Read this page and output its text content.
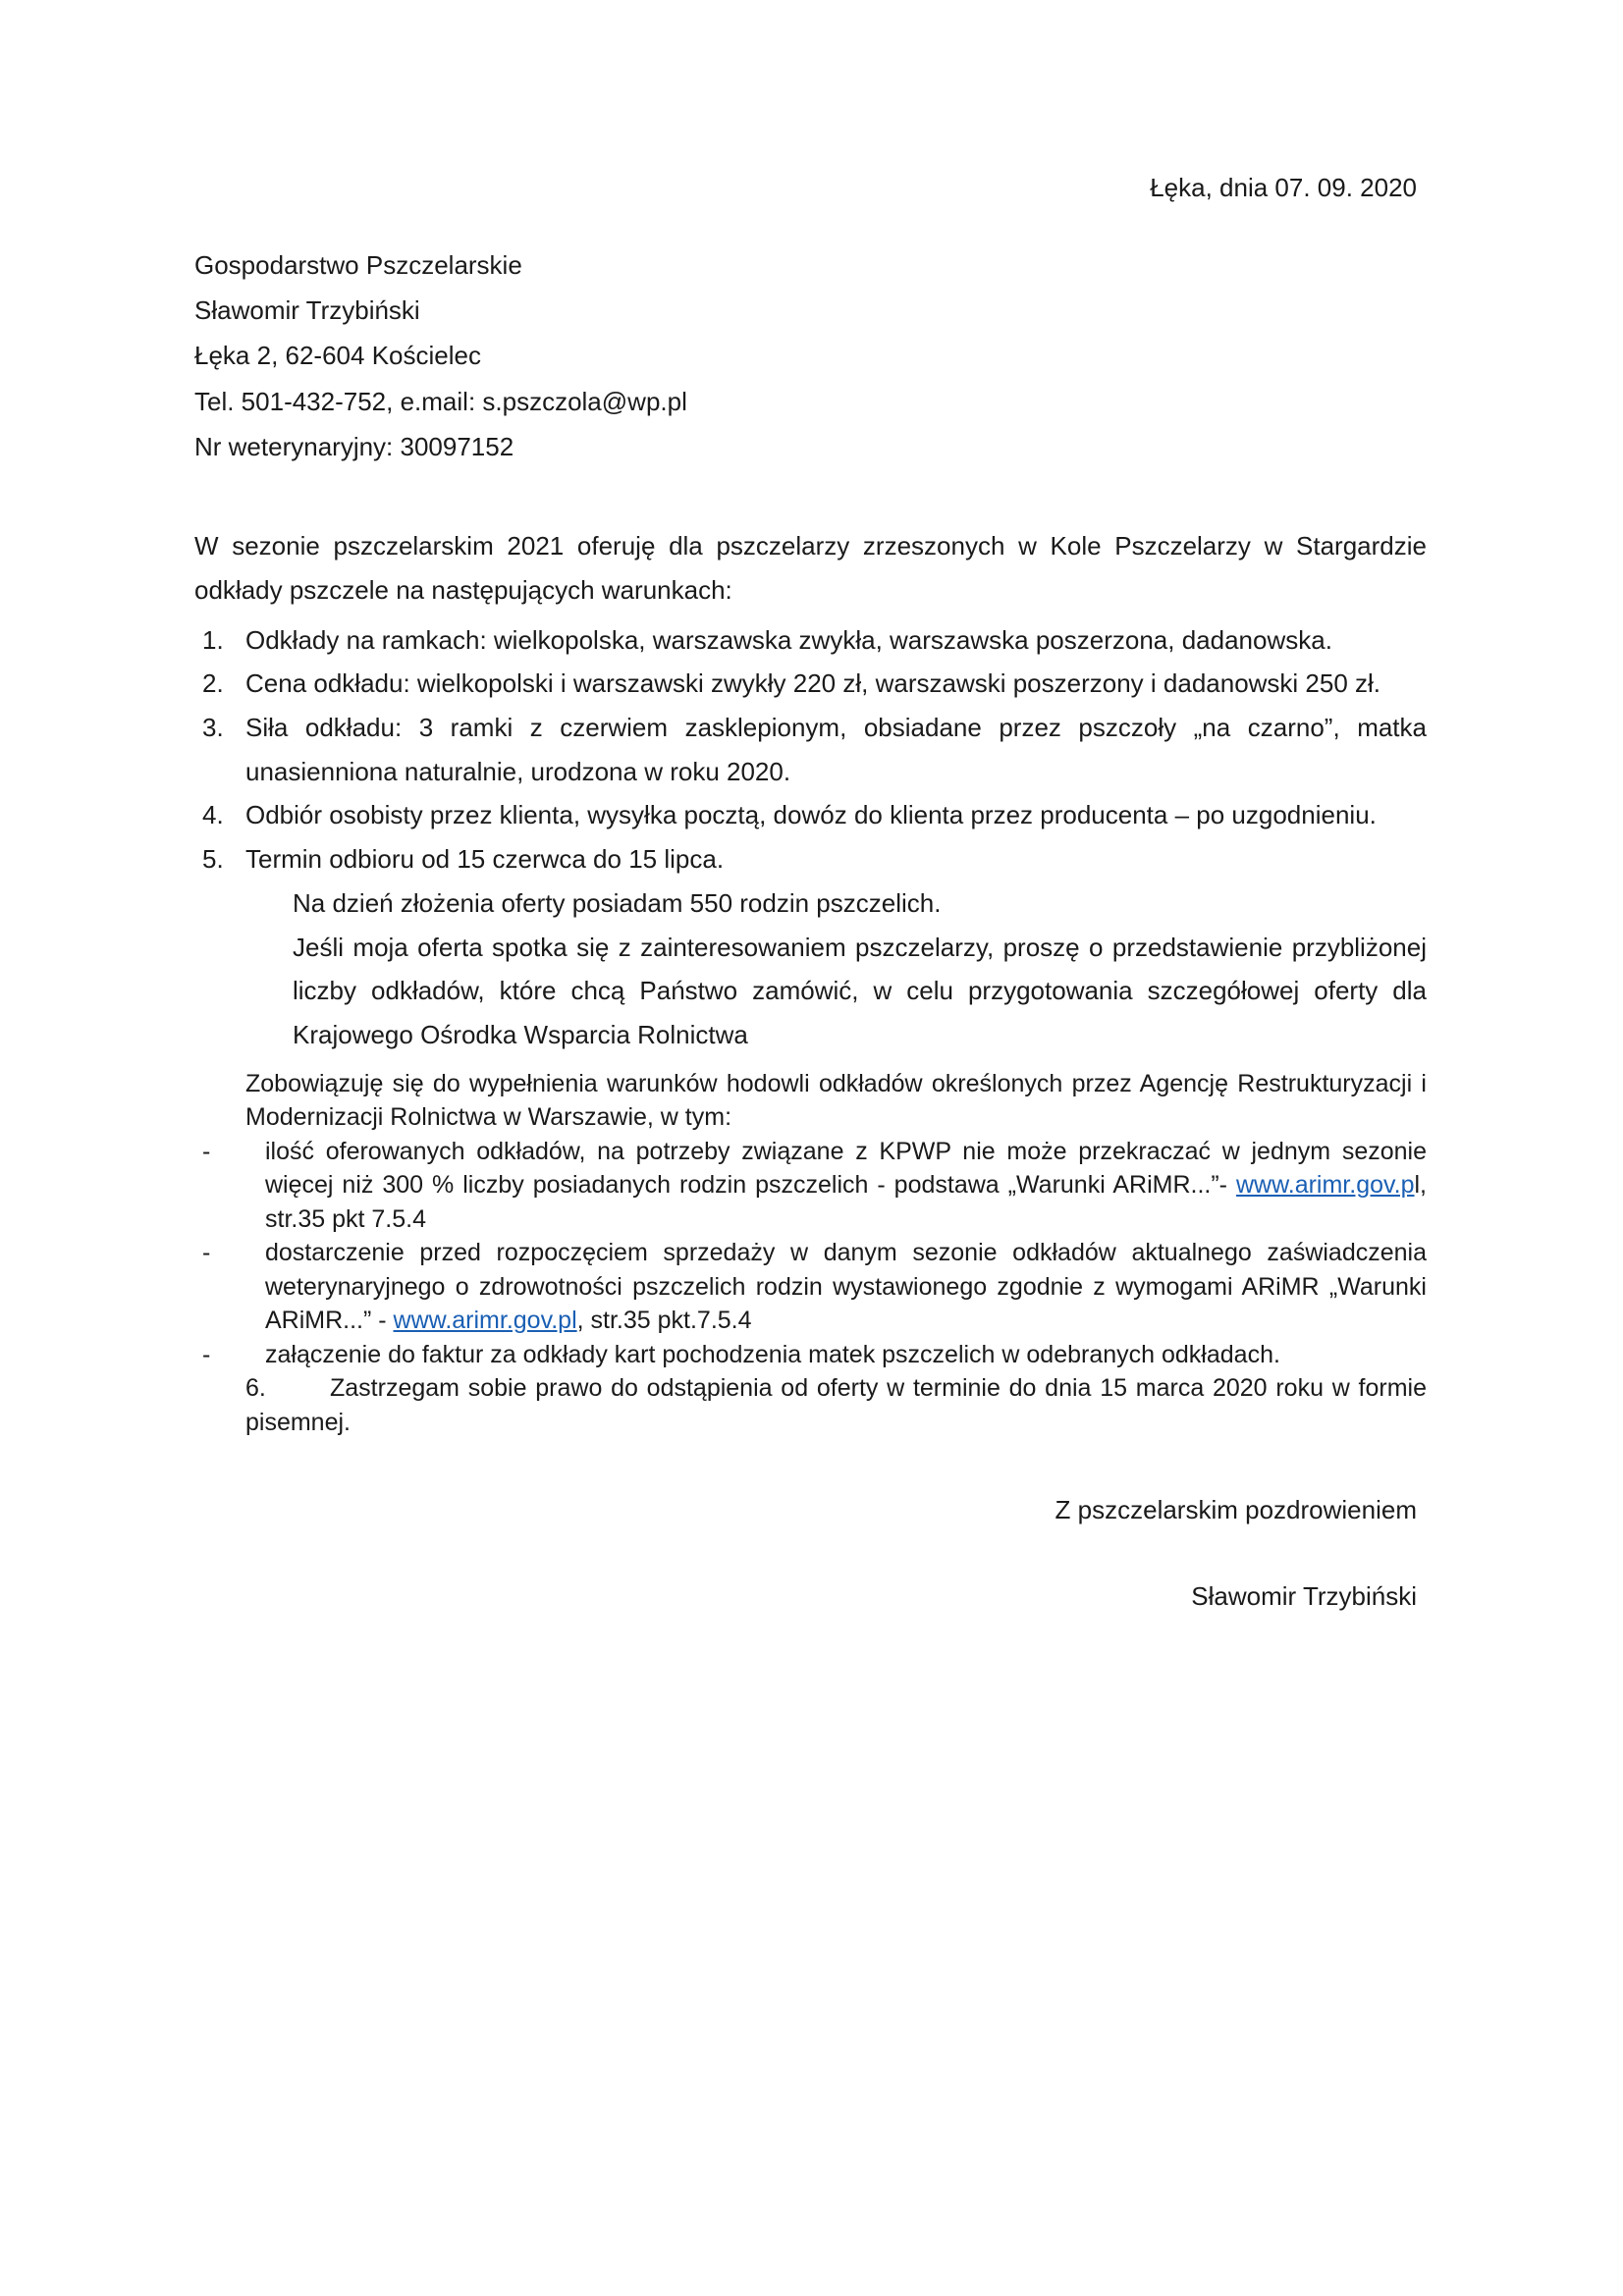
Łęka, dnia 07. 09. 2020

Gospodarstwo Pszczelarskie

Sławomir Trzybiński

Łęka 2, 62-604 Kościelec

Tel. 501-432-752, e.mail: s.pszczola@wp.pl

Nr weterynaryjny: 30097152

W sezonie pszczelarskim 2021 oferuję dla pszczelarzy zrzeszonych w Kole Pszczelarzy w Stargardzie odkłady pszczele na następujących warunkach:

Odkłady na ramkach: wielkopolska, warszawska zwykła, warszawska poszerzona, dadanowska.
Cena odkładu: wielkopolski i warszawski zwykły 220 zł, warszawski poszerzony i dadanowski 250 zł.
Siła odkładu: 3 ramki z czerwiem zasklepionym, obsiadane przez pszczoły „na czarno”, matka unasienniona naturalnie, urodzona w roku 2020.
Odbiór osobisty przez klienta, wysyłka pocztą, dowóz do klienta przez producenta – po uzgodnieniu.
Termin odbioru od 15 czerwca do 15 lipca.

Na dzień złożenia oferty posiadam 550 rodzin pszczelich.

Jeśli moja oferta spotka się z zainteresowaniem pszczelarzy, proszę o przedstawienie przybliżonej liczby odkładów, które chcą Państwo zamówić, w celu przygotowania szczegółowej oferty dla Krajowego Ośrodka Wsparcia Rolnictwa

Zobowiązuję się do wypełnienia warunków hodowli odkładów określonych przez Agencję Restrukturyzacji i Modernizacji Rolnictwa w Warszawie, w tym:

- ilość oferowanych odkładów, na potrzeby związane z KPWP nie może przekraczać w jednym sezonie więcej niż 300 % liczby posiadanych rodzin pszczelich - podstawa „Warunki ARiMR...”- www.arimr.gov.pl, str.35 pkt 7.5.4

- dostarczenie przed rozpoczęciem sprzedaży w danym sezonie odkładów aktualnego zaświadczenia weterynaryjnego o zdrowotności pszczelich rodzin wystawionego zgodnie z wymogami ARiMR „Warunki ARiMR...” - www.arimr.gov.pl, str.35 pkt.7.5.4

- załączenie do faktur za odkłady kart pochodzenia matek pszczelich w odebranych odkładach.

6.	Zastrzegam sobie prawo do odstąpienia od oferty w terminie do dnia 15 marca 2020 roku w formie pisemnej.

Z pszczelarskim pozdrowieniem

Sławomir Trzybiński
